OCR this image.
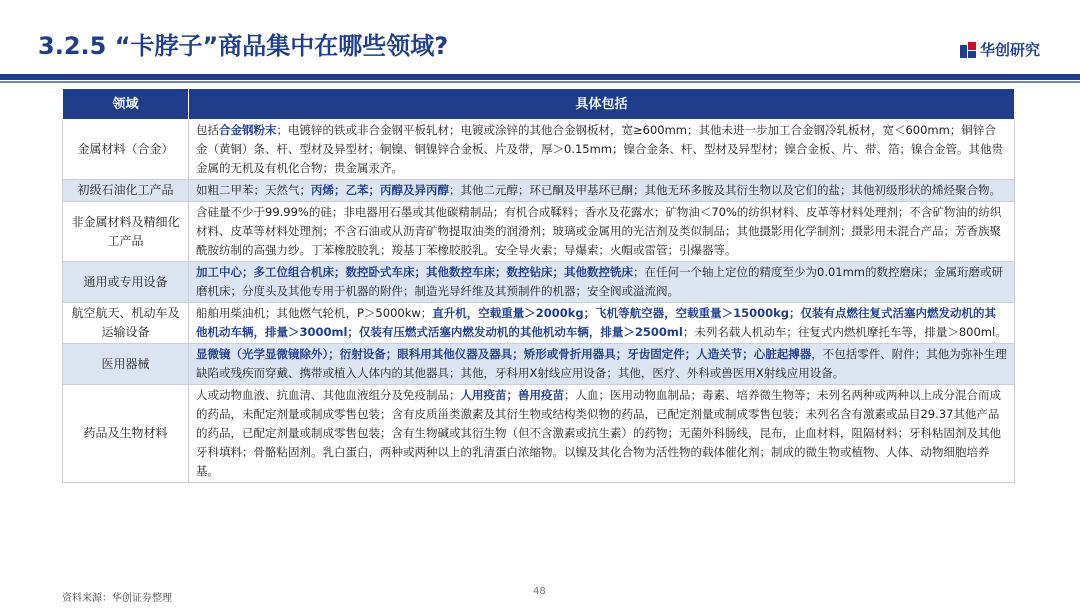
3.2.5 “卡脖子”商品集中在哪些领域?	华创研究
领域	具体包括
金属材料（合金）	包括合金钢粉末；电镀锌的铁或非合金钢平板轧材；电镀或涂锌的其他合金钢板材，宽≥600mm；其他未进一步加工合金钢冷轧板材，宽＜600mm；铜锌合金（黄铜）条、杆、型材及异型材；铜镍、铜镍锌合金板、片及带，厚＞0.15mm；镍合金条、杆、型材及异型材；镍合金板、片、带、箔；镍合金管。其他贵金属的无机及有机化合物；贵金属汞齐。
初级石油化工产品	如粗二甲苯；天然气；丙烯；乙苯；丙醇及异丙醇；其他二元醇；环已酮及甲基环已酮；其他无环多胺及其衍生物以及它们的盐；其他初级形状的烯烃聚合物。
非金属材料及精细化工产品	含硅量不少于99.99%的硅；非电器用石墨或其他碳精制品；有机合成鞣料；香水及花露水；矿物油＜70%的纺织材料、皮革等材料处理剂；不含矿物油的纺织材料、皮革等材料处理剂；不含石油或从沥青矿物提取油类的润滑剂；玻璃或金属用的光洁剂及类似制品；其他摄影用化学制剂；摄影用未混合产品；芳香族聚酰胺纺制的高强力纱。丁苯橡胶胶乳；羧基丁苯橡胶胶乳。安全导火索；导爆索；火帽或雷管；引爆器等。
通用或专用设备	加工中心；多工位组合机床；数控卧式车床；其他数控车床；数控钻床；其他数控铣床；在任何一个轴上定位的精度至少为0.01mm的数控磨床；金属珩磨或研磨机床；分度头及其他专用于机器的附件；制造光导纤维及其预制件的机器；安全阀或溢流阀。
航空航天、机动车及运输设备	船舶用柴油机；其他燃气轮机，P＞5000kw；直升机，空载重量＞2000kg；飞机等航空器，空载重量＞15000kg；仅装有点燃往复式活塞内燃发动机的其他机动车辆，排量＞3000ml；仅装有压燃式活塞内燃发动机的其他机动车辆，排量＞2500ml；未列名载人机动车；往复式内燃机摩托车等，排量＞800ml。
医用器械	显微镜（光学显微镜除外）；衍射设备；眼科用其他仪器及器具；矫形或骨折用器具；牙齿固定件；人造关节；心脏起搏器，不包括零件、附件；其他为弥补生理缺陷或残疾而穿戴、携带或植入人体内的其他器具；其他，牙科用X射线应用设备；其他，医疗、外科或兽医用X射线应用设备。
药品及生物材料	人或动物血液、抗血清、其他血液组分及免疫制品；人用疫苗；兽用疫苗；人血；医用动物血制品；毒素、培养微生物等；未列名两种或两种以上成分混合而成的药品，未配定剂量或制成零售包装；含有皮质甾类激素及其衍生物或结构类似物的药品，已配定剂量或制成零售包装；未列名含有激素或品目29.37其他产品的药品，已配定剂量或制成零售包装；含有生物碱或其衍生物（但不含激素或抗生素）的药物；无菌外科肠线，昆布，止血材料，阻隔材料；牙科粘固剂及其他牙科填料；骨骼粘固剂。乳白蛋白，两种或两种以上的乳清蛋白浓缩物。以镍及其化合物为活性物的载体催化剂；制成的微生物或植物、人体、动物细胞培养基。
资料来源：华创证券整理
48
